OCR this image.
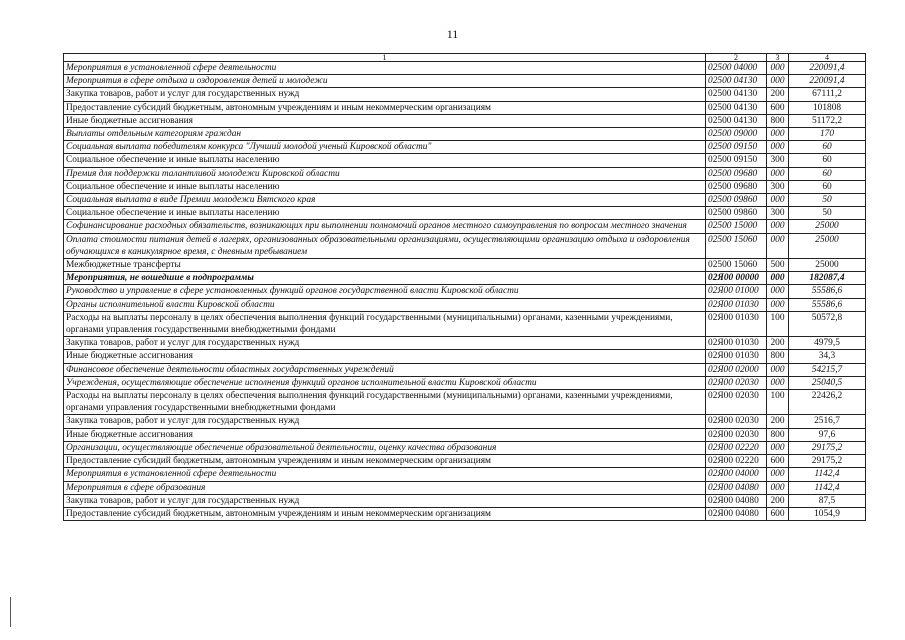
11
1	2	3	4
Мероприятия в установленной сфере деятельности	02500 04000	000	220091,4
Мероприятия в сфере отдыха и оздоровления детей и молодежи	02500 04130	000	220091,4
Закупка товаров, работ и услуг для государственных нужд	02500 04130	200	67111,2
Предоставление субсидий бюджетным, автономным учреждениям и иным некоммерческим организациям	02500 04130	600	101808
Иные бюджетные ассигнования	02500 04130	800	51172,2
Выплаты отдельным категориям граждан	02500 09000	000	170
Социальная выплата победителям конкурса "Лучший молодой ученый Кировской области"	02500 09150	000	60
Социальное обеспечение и иные выплаты населению	02500 09150	300	60
Премия для поддержки талантливой молодежи Кировской области	02500 09680	000	60
Социальное обеспечение и иные выплаты населению	02500 09680	300	60
Социальная выплата в виде Премии молодежи Вятского края	02500 09860	000	50
Социальное обеспечение и иные выплаты населению	02500 09860	300	50
Софинансирование расходных обязательств, возникающих при выполнении полномочий органов местного самоуправления по вопросам местного значения	02500 15000	000	25000
Оплата стоимости питания детей в лагерях, организованных образовательными организациями, осуществляющими организацию отдыха и оздоровления обучающихся в каникулярное время, с дневным пребыванием	02500 15060	000	25000
Межбюджетные трансферты	02500 15060	500	25000
Мероприятия, не вошедшие в подпрограммы	02Я00 00000	000	182087,4
Руководство и управление в сфере установленных функций органов государственной власти Кировской области	02Я00 01000	000	55586,6
Органы исполнительной власти Кировской области	02Я00 01030	000	55586,6
Расходы на выплаты персоналу в целях обеспечения выполнения функций государственными (муниципальными) органами, казенными учреждениями, органами управления государственными внебюджетными фондами	02Я00 01030	100	50572,8
Закупка товаров, работ и услуг для государственных нужд	02Я00 01030	200	4979,5
Иные бюджетные ассигнования	02Я00 01030	800	34,3
Финансовое обеспечение деятельности областных государственных учреждений	02Я00 02000	000	54215,7
Учреждения, осуществляющие обеспечение исполнения функций органов исполнительной власти Кировской области	02Я00 02030	000	25040,5
Расходы на выплаты персоналу в целях обеспечения выполнения функций государственными (муниципальными) органами, казенными учреждениями, органами управления государственными внебюджетными фондами	02Я00 02030	100	22426,2
Закупка товаров, работ и услуг для государственных нужд	02Я00 02030	200	2516,7
Иные бюджетные ассигнования	02Я00 02030	800	97,6
Организации, осуществляющие обеспечение образовательной деятельности, оценку качества образования	02Я00 02220	000	29175,2
Предоставление субсидий бюджетным, автономным учреждениям и иным некоммерческим организациям	02Я00 02220	600	29175,2
Мероприятия в установленной сфере деятельности	02Я00 04000	000	1142,4
Мероприятия в сфере образования	02Я00 04080	000	1142,4
Закупка товаров, работ и услуг для государственных нужд	02Я00 04080	200	87,5
Предоставление субсидий бюджетным, автономным учреждениям и иным некоммерческим организациям	02Я00 04080	600	1054,9
